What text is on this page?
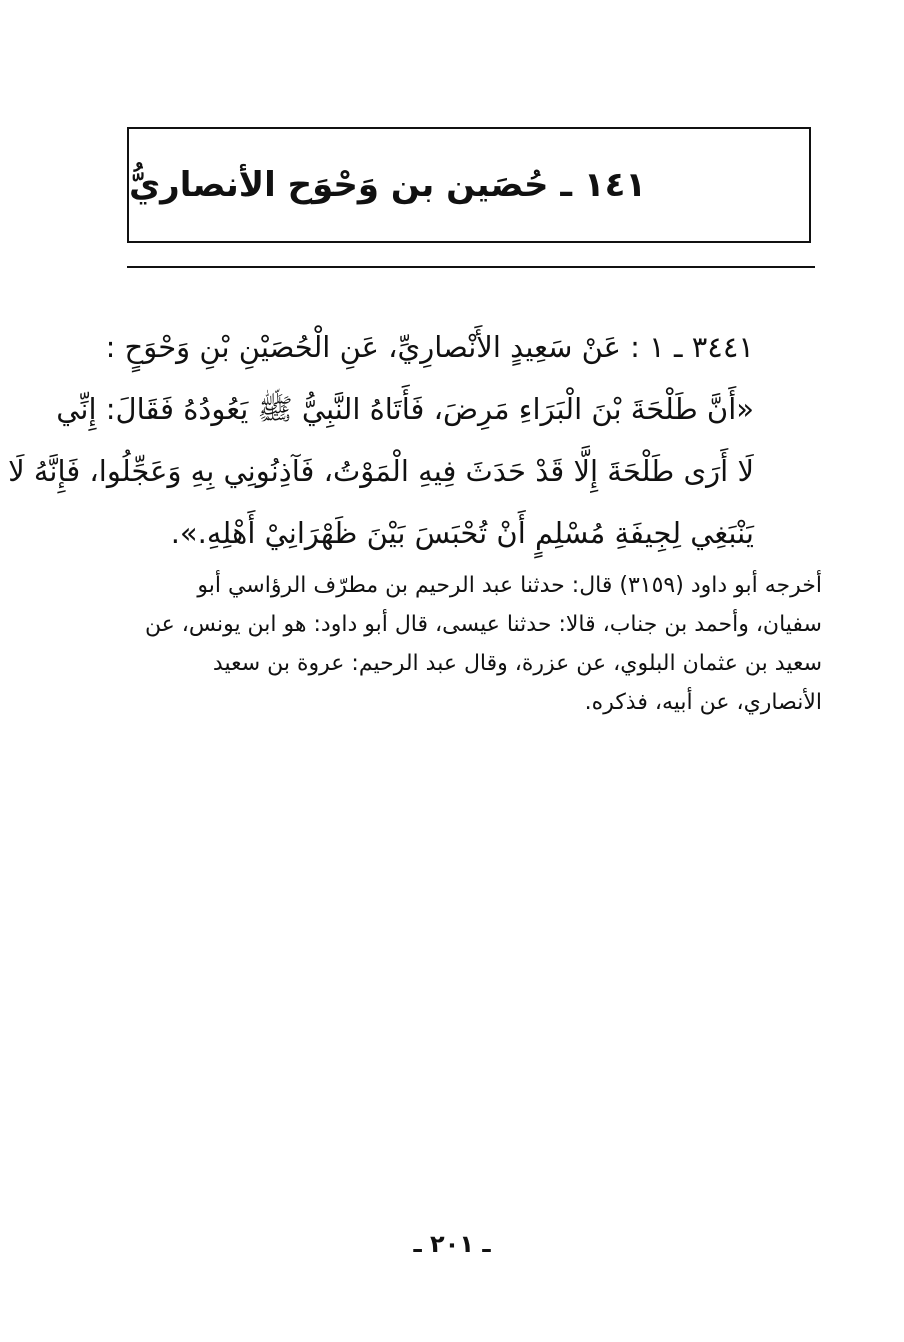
١٤١ ـ حُصَين بن وَحْوَح الأنصاريُّ
٣٤٤١ ـ ١ : عَنْ سَعِيدٍ الأَنْصارِيِّ، عَنِ الْحُصَيْنِ بْنِ وَحْوَحٍ :
«أَنَّ طَلْحَةَ بْنَ الْبَرَاءِ مَرِضَ، فَأَتَاهُ النَّبِيُّ ﷺ يَعُودُهُ فَقَالَ: إِنِّي
لَا أَرَى طَلْحَةَ إِلَّا قَدْ حَدَثَ فِيهِ الْمَوْتُ، فَآذِنُونِي بِهِ وَعَجِّلُوا، فَإِنَّهُ لَا
يَنْبَغِي لِجِيفَةِ مُسْلِمٍ أَنْ تُحْبَسَ بَيْنَ ظَهْرَانِيْ أَهْلِهِ.».
أخرجه أبو داود (٣١٥٩) قال: حدثنا عبد الرحيم بن مطرّف الرؤاسي أبو
سفيان، وأحمد بن جناب، قالا: حدثنا عيسى، قال أبو داود: هو ابن يونس، عن
سعيد بن عثمان البلوي، عن عزرة، وقال عبد الرحيم: عروة بن سعيد
الأنصاري، عن أبيه، فذكره.
ـ ٢٠١ ـ
